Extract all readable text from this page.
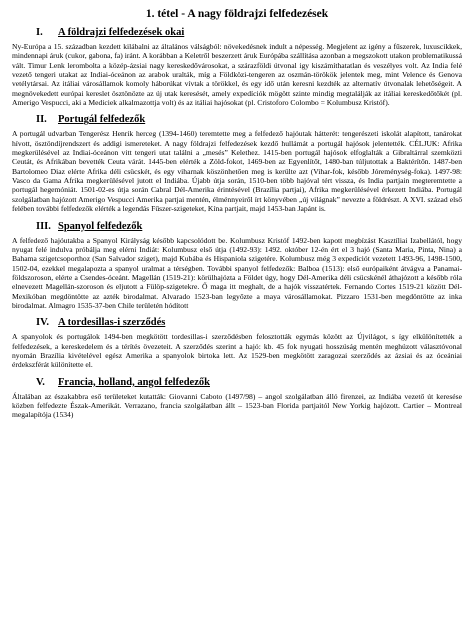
1. tétel - A nagy földrajzi felfedezések
I.	A földrajzi felfedezések okai

Ny-Európa a 15. században kezdett kilábalni az általános válságból: növekedésnek indult a népesség. Megjelent az igény a fűszerek, luxuscikkek, mindennapi áruk (cukor, gabona, fa) iránt. A korábban a Keletről beszerzett áruk Európába szállítása azonban a megszokott utakon problematikussá vált. Timur Lenk lerombolta a közép-ázsiai nagy kereskedővárosokat, a szárazföldi útvonal igy kiszámíthatatlan és veszélyes volt. Az India felé vezető tengeri utakat az Indiai-óceánon az arabok uralták, míg a Földközi-tengeren az oszmán-törökök jelentek meg, mint Velence és Genova vetélytársai. Az itáliai városállamok komoly háborúkat vívtak a törökkel, és egy idő után keresni kezdték az alternatív útvonalak lehetőségeit. A megnövekedett európai kereslet ösztönözte az új utak keresését, amely expedíciók mögött szinte mindig megtalálják az itáliai kereskedőtőkét (pl. Amerigo Vespucci, aki a Mediciek alkalmazottja volt) és az itáliai hajósokat (pl. Cristoforo Colombo = Kolumbusz Kristóf).

II.	Portugál felfedezők

A portugál udvarban Tengerész Henrik herceg (1394-1460) teremtette meg a felfedező hajóutak hátterét: tengerészeti iskolát alapított, tanárokat hívott, ösztöndíjrendszert és addigi ismereteket. A nagy földrajzi felfedezések kezdő hullámát a portugál hajósok jelentették. CÉLJUK: Afrika megkerülésével az Indiai-óceánon vitt tengeri utat találni a „mesés” Kelethez. 1415-ben portugál hajósok elfoglalták a Gibraltárral szemközti Ceutát, és Afrikában bevették Ceuta várát. 1445-ben elérték a Zöld-fokot, 1469-ben az Egyenlítőt, 1480-ban túljutottak a Baktérítőn. 1487-ben Bartolomeo Diaz elérte Afrika déli csücskét, és egy viharnak köszönhetően meg is kerülte azt (Vihar-fok, később Jóreménység-foka). 1497-98: Vasco da Gama Afrika megkerülésével jutott el Indiába. Újabb útja során, 1510-ben több hajóval tért vissza, és India partjain megteremtette a portugál hegemóniát. 1501-02-es útja során Cabral Dél-Amerika érintésével (Brazília partjai), Afrika megkerülésével érkezett Indiába. Portugál szolgálatban hajózott Amerigo Vespucci Amerika partjai mentén, élménnyeiről írt könyvében „új világnak” nevezte a földrészt. A XVI. század első felében további felfedezők elérték a legendás Fűszer-szigeteket, Kína partjait, majd 1453-ban Japánt is.

III. Spanyol felfedezők

A felfedező hajóutakba a Spanyol Királyság később kapcsolódott be. Kolumbusz Kristóf 1492-ben kapott megbízást Kasztíliai Izabellától, hogy nyugat felé indulva próbálja meg elérni Indiát: Kolumbusz első útja (1492-93): 1492. október 12-én ért el 3 hajó (Santa Maria, Pinta, Nina) a Bahama szigetcsoporthoz (San Salvador sziget), majd Kubába és Hispaniola szigetére. Kolumbusz még 3 expedíciót vezetett 1493-96, 1498-1500, 1502-04, ezekkel megalapozta a spanyol uralmat a térségben. További spanyol felfedezők: Balboa (1513): első európaiként átvágva a Panamai-földszoroson, elérte a Csendes-óceánt. Magellán (1519-21): körülhajózta a Földet úgy, hogy Dél-Amerika déli csücskénél áthajózott a később róla elnevezett Magellán-szoroson és eljutott a Fülöp-szigetekre. Ő maga itt meghalt, de a hajók visszatértek. Fernando Cortes 1519-21 között Dél-Mexikóban megdöntötte az azték birodalmat. Alvarado 1523-ban legyőzte a maya városállamokat. Pizzaro 1531-ben megdöntötte az inka birodalmat. Almagro 1535-37-ben Chile területén hódított

IV. A tordesillas-i szerződés

A spanyolok és portugálok 1494-ben megkötött tordesillas-i szerződésben felosztották egymás között az Újvilágot, s így elkülönítették a felfedezések, a kereskedelem és a térítés övezeteit. A szerződés szerint a hajó: kb. 45 fok nyugati hosszúság mentén meghúzott választóvonal nyomán Brazília kivételével egész Amerika a spanyolok birtoka lett. Az 1529-ben megkötött zaragozai szerződés az ázsiai és az óceániai érdekszférát különítette el.

V.	Francia, holland, angol felfedezők

Általában az északabbra eső területeket kutatták: Giovanni Caboto (1497/98) – angol szolgálatban álló firenzei, az Indiába vezető út keresése közben felfedezte Észak-Amerikát. Verrazano, francia szolgálatban állt – 1523-ban Florida partjaitól New Yorkig hajózott. Cartier – Montreal megalapítója (1534)
